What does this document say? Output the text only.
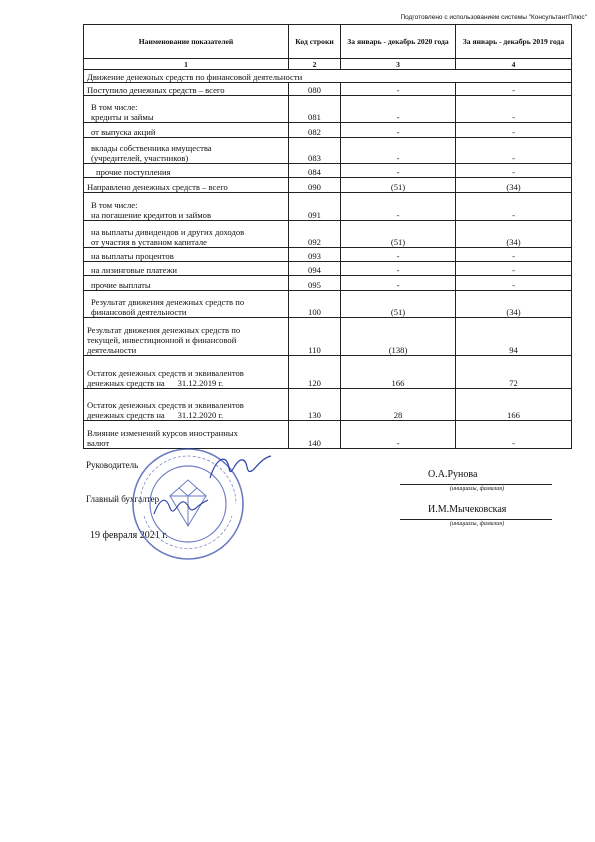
Подготовлено с использованием системы "КонсультантПлюс"
Наименование показателей	Код строки	За январь - декабрь 2020 года	За январь - декабрь 2019 года
1	2	3	4
Движение денежных средств по финансовой деятельности			
Поступило денежных средств – всего	080	-	-
В том числе:
кредиты и займы	081	-	-
от выпуска акций	082	-	-
вклады собственника имущества
(учредителей, участников)	083	-	-
прочие поступления	084	-	-
Направлено денежных средств – всего	090	(51)	(34)
В том числе:
на погашение кредитов и займов	091	-	-
на выплаты дивидендов и других доходов
от участия в уставном капитале	092	(51)	(34)
на выплаты процентов	093	-	-
на лизинговые платежи	094	-	-
прочие выплаты	095	-	-
Результат движения денежных средств по
финансовой деятельности	100	(51)	(34)
Результат движения денежных средств по
текущей, инвестиционной и финансовой
деятельности	110	(138)	94
Остаток денежных средств и эквивалентов
денежных средств на      31.12.2019 г.	120	166	72
Остаток денежных средств и эквивалентов
денежных средств на      31.12.2020 г.	130	28	166
Влияние изменений курсов иностранных
валют	140	-	-
Руководитель
О.А.Рунова
(инициалы, фамилия)
Главный бухгалтер
И.М.Мычековская
(инициалы, фамилия)
19 февраля 2021 г.
